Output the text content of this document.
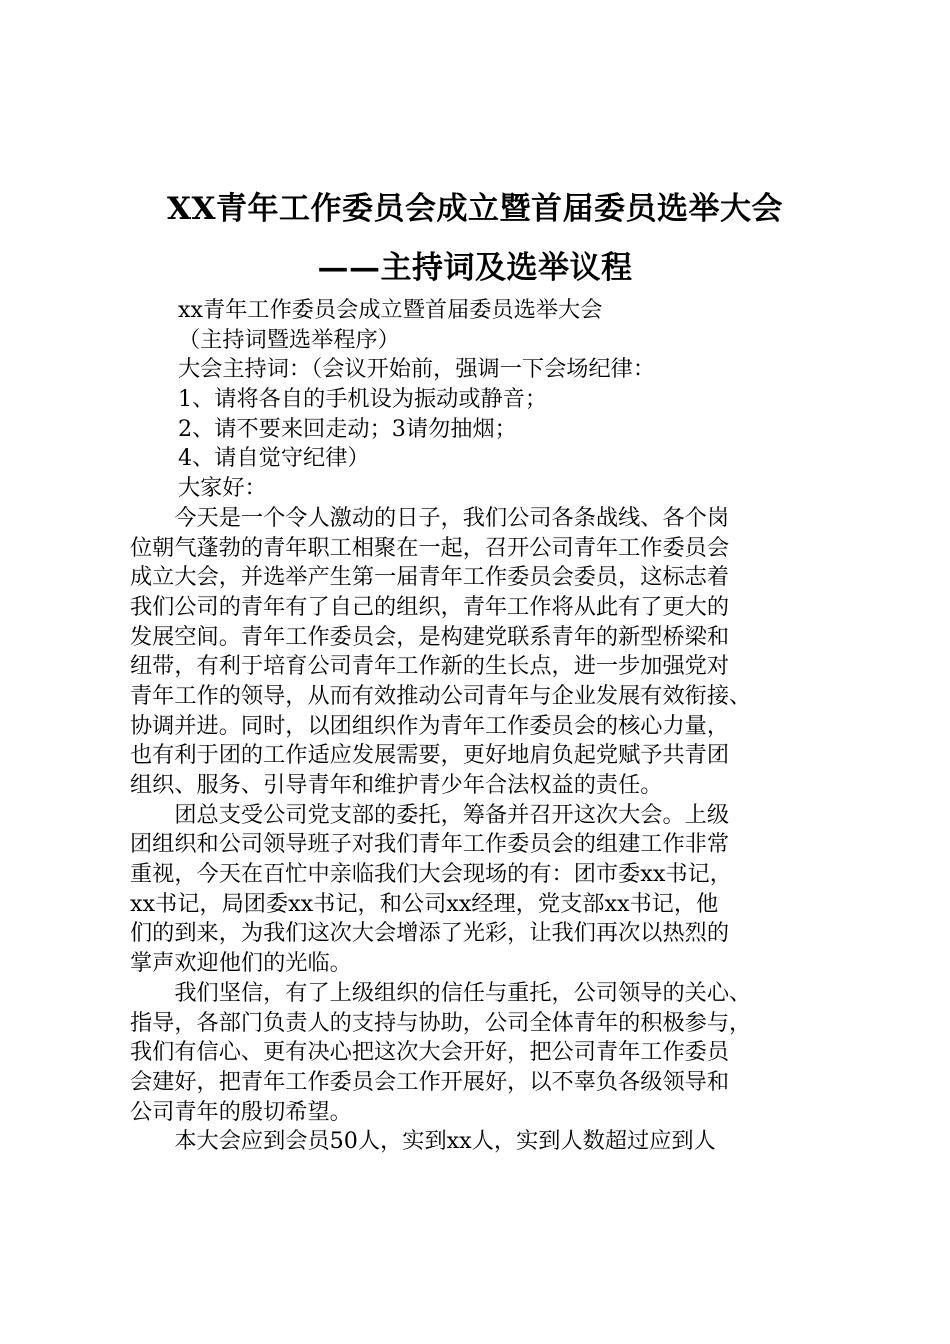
XX青年工作委员会成立暨首届委员选举大会
——主持词及选举议程
xx青年工作委员会成立暨首届委员选举大会
（主持词暨选举程序）
大会主持词：（会议开始前，强调一下会场纪律：
1、请将各自的手机设为振动或静音；
2、请不要来回走动；3请勿抽烟；
4、请自觉守纪律）
大家好：
　　今天是一个令人激动的日子，我们公司各条战线、各个岗
位朝气蓬勃的青年职工相聚在一起，召开公司青年工作委员会
成立大会，并选举产生第一届青年工作委员会委员，这标志着
我们公司的青年有了自己的组织，青年工作将从此有了更大的
发展空间。青年工作委员会，是构建党联系青年的新型桥梁和
纽带，有利于培育公司青年工作新的生长点，进一步加强党对
青年工作的领导，从而有效推动公司青年与企业发展有效衔接、
协调并进。同时，以团组织作为青年工作委员会的核心力量，
也有利于团的工作适应发展需要，更好地肩负起党赋予共青团
组织、服务、引导青年和维护青少年合法权益的责任。
　　团总支受公司党支部的委托，筹备并召开这次大会。上级
团组织和公司领导班子对我们青年工作委员会的组建工作非常
重视，今天在百忙中亲临我们大会现场的有：团市委xx书记，
xx书记，局团委xx书记，和公司xx经理，党支部xx书记，他
们的到来，为我们这次大会增添了光彩，让我们再次以热烈的
掌声欢迎他们的光临。
　　我们坚信，有了上级组织的信任与重托，公司领导的关心、
指导，各部门负责人的支持与协助，公司全体青年的积极参与，
我们有信心、更有决心把这次大会开好，把公司青年工作委员
会建好，把青年工作委员会工作开展好，以不辜负各级领导和
公司青年的殷切希望。
　　本大会应到会员50人，实到xx人，实到人数超过应到人
